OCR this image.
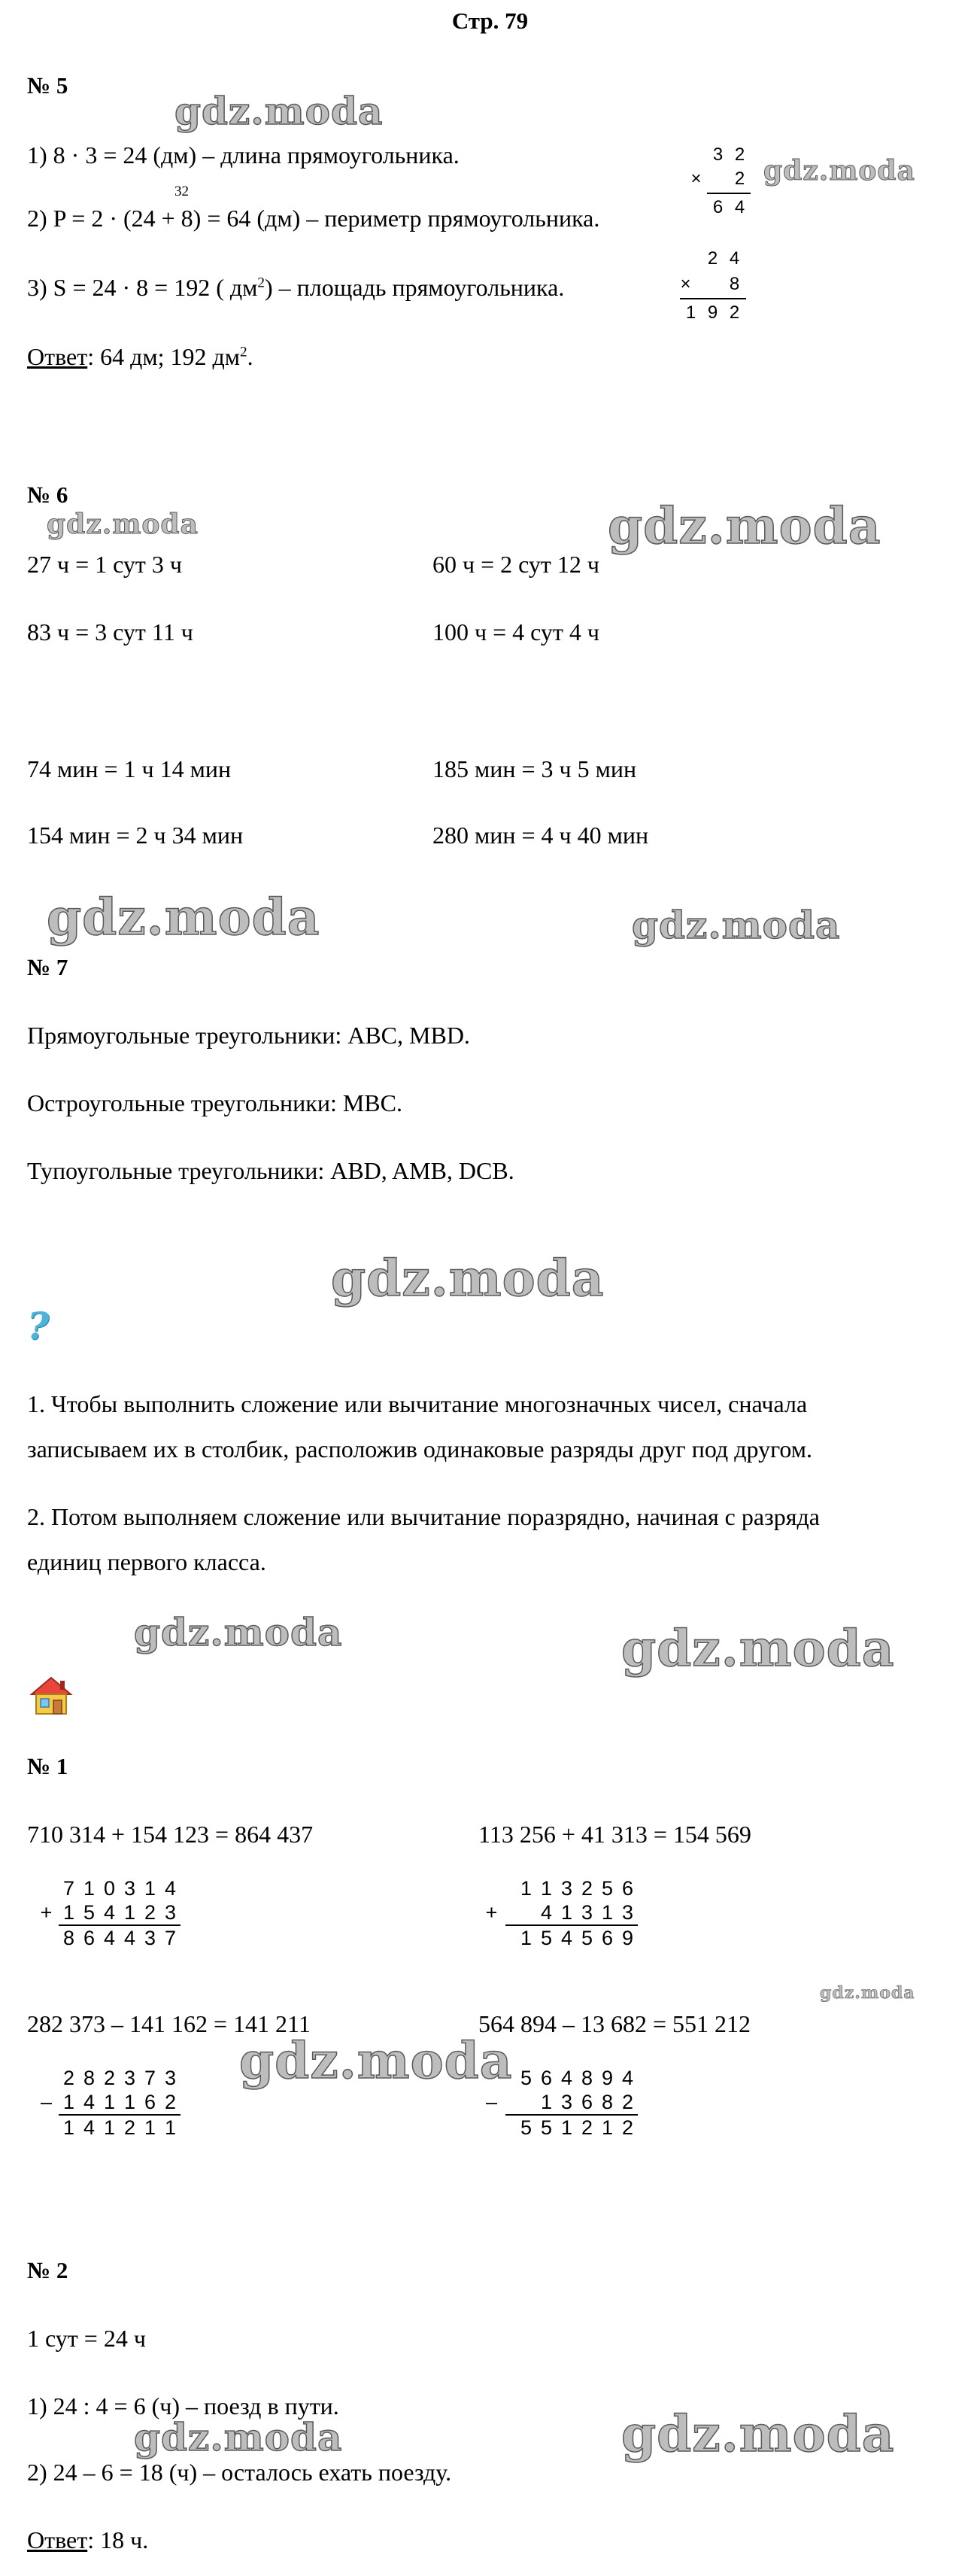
Стр. 79
№ 5
1) 8 · 3 = 24 (дм) – длина прямоугольника.
32
2) P = 2 · (24 + 8) = 64 (дм) – периметр прямоугольника.
3) S = 24 · 8 = 192 ( $дм^2$) – площадь прямоугольника.
Ответ: 64 дм; 192 $дм^2$.
×
3 2
2
6 4
×
2 4
8
1 9 2
№ 6
27 ч = 1 сут 3 ч	60 ч = 2 сут 12 ч
83 ч = 3 сут 11 ч	100 ч = 4 сут 4 ч
74 мин = 1 ч 14 мин	185 мин = 3 ч 5 мин
154 мин = 2 ч 34 мин	280 мин = 4 ч 40 мин
№ 7
Прямоугольные треугольники: ABC, MBD.
Остроугольные треугольники: MBC.
Тупоугольные треугольники: ABD, AMB, DCB.
?
1. Чтобы выполнить сложение или вычитание многозначных чисел, сначала
записываем их в столбик, расположив одинаковые разряды друг под другом.
2. Потом выполняем сложение или вычитание поразрядно, начиная с разряда
единиц первого класса.
№ 1
710 314 + 154 123 = 864 437	113 256 + 41 313 = 154 569
+
7 1 0 3 1 4
1 5 4 1 2 3
8 6 4 4 3 7
+
1 1 3 2 5 6
4 1 3 1 3
1 5 4 5 6 9
282 373 – 141 162 = 141 211	564 894 – 13 682 = 551 212
–
2 8 2 3 7 3
1 4 1 1 6 2
1 4 1 2 1 1
–
5 6 4 8 9 4
1 3 6 8 2
5 5 1 2 1 2
№ 2
1 сут = 24 ч
1) 24 : 4 = 6 (ч) – поезд в пути.
2) 24 – 6 = 18 (ч) – осталось ехать поезду.
Ответ: 18 ч.
gdz.moda
gdz.moda
gdz.moda	gdz.moda
gdz.moda	gdz.moda
gdz.moda
gdz.moda	gdz.moda
gdz.moda
gdz.moda
gdz.moda
gdz.moda
